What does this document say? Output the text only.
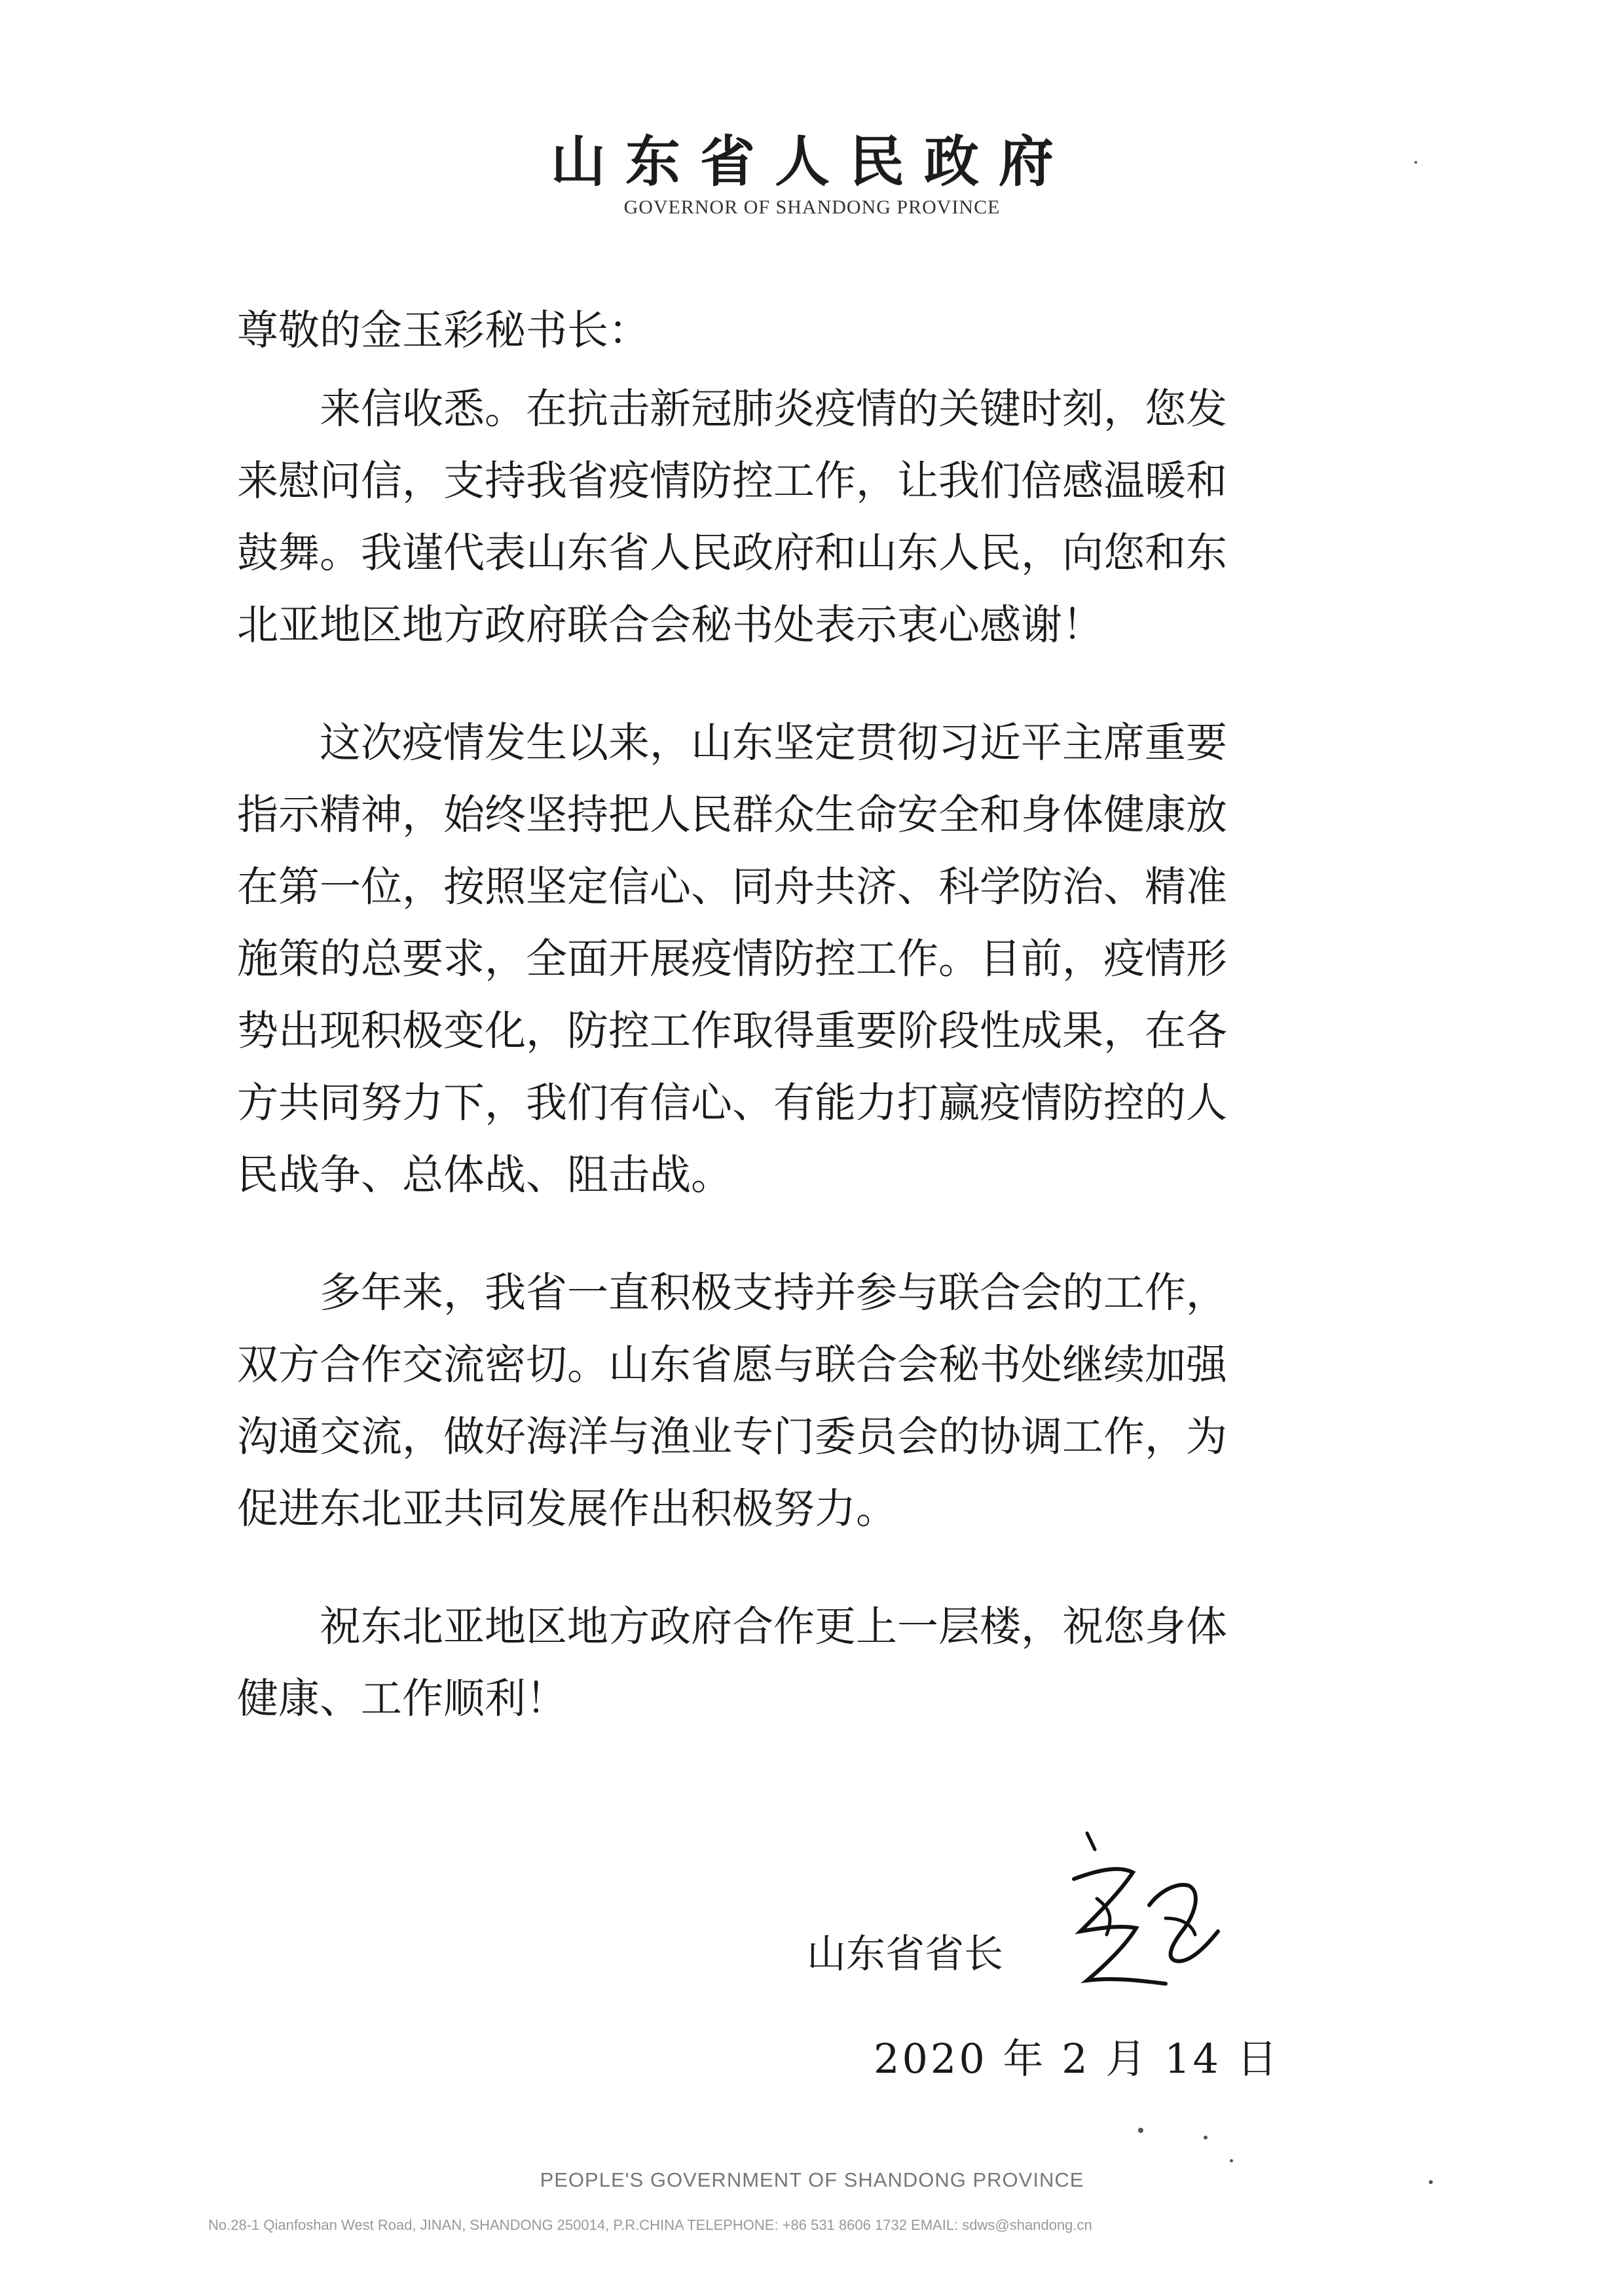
山东省人民政府
GOVERNOR OF SHANDONG PROVINCE
尊敬的金玉彩秘书长：
　　来信收悉。在抗击新冠肺炎疫情的关键时刻，您发
来慰问信，支持我省疫情防控工作，让我们倍感温暖和
鼓舞。我谨代表山东省人民政府和山东人民，向您和东
北亚地区地方政府联合会秘书处表示衷心感谢！
　　这次疫情发生以来，山东坚定贯彻习近平主席重要
指示精神，始终坚持把人民群众生命安全和身体健康放
在第一位，按照坚定信心、同舟共济、科学防治、精准
施策的总要求，全面开展疫情防控工作。目前，疫情形
势出现积极变化，防控工作取得重要阶段性成果，在各
方共同努力下，我们有信心、有能力打赢疫情防控的人
民战争、总体战、阻击战。
　　多年来，我省一直积极支持并参与联合会的工作，
双方合作交流密切。山东省愿与联合会秘书处继续加强
沟通交流，做好海洋与渔业专门委员会的协调工作，为
促进东北亚共同发展作出积极努力。
　　祝东北亚地区地方政府合作更上一层楼，祝您身体
健康、工作顺利！
山东省省长
2020 年 2 月 14 日
PEOPLE'S GOVERNMENT OF SHANDONG PROVINCE
No.28-1 Qianfoshan West Road, JINAN, SHANDONG 250014, P.R.CHINA TELEPHONE: +86 531 8606 1732 EMAIL: sdws@shandong.cn
